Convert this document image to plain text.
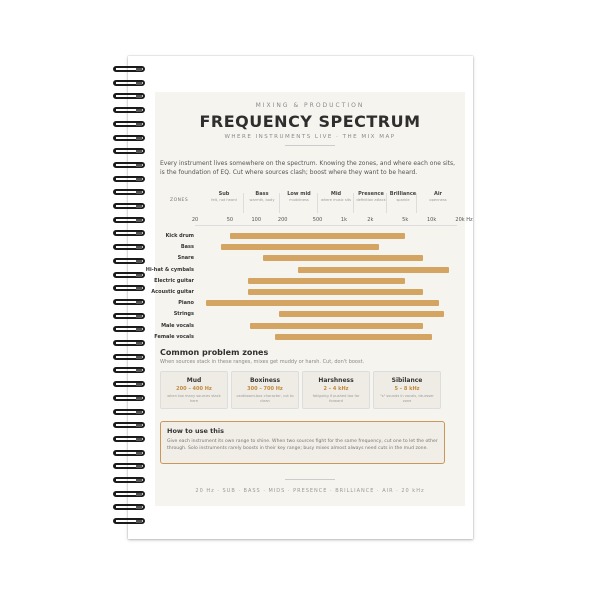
MIXING & PRODUCTION
FREQUENCY SPECTRUM
WHERE INSTRUMENTS LIVE · THE MIX MAP
Every instrument lives somewhere on the spectrum. Knowing the zones, and where each one sits, is the foundation of EQ. Cut where sources clash; boost where they want to be heard.
ZONES
Sub
felt, not heard
Bass
warmth, body
Low mid
muddiness
Mid
where music sits
Presence
definition attack
Brilliance
sparkle
Air
openness
20	50	100	200	500	1k	2k	5k	10k	20k Hz
Kick drum
Bass
Snare
Hi-hat & cymbals
Electric guitar
Acoustic guitar
Piano
Strings
Male vocals
Female vocals
Common problem zones
When sources stack in these ranges, mixes get muddy or harsh. Cut, don't boost.
Mud
200 – 400 Hz
when too many sources stack here
Boxiness
300 – 700 Hz
cardboard-box character, cut to clean
Harshness
2 – 4 kHz
fatiguing if pushed too far forward
Sibilance
5 – 8 kHz
"s" sounds in vocals, de-esser zone
How to use this
Give each instrument its own range to shine. When two sources fight for the same frequency, cut one to let the other through. Solo instruments rarely boosts in their key range; busy mixes almost always need cuts in the mud zone.
20 Hz · SUB · BASS · MIDS · PRESENCE · BRILLIANCE · AIR · 20 kHz
